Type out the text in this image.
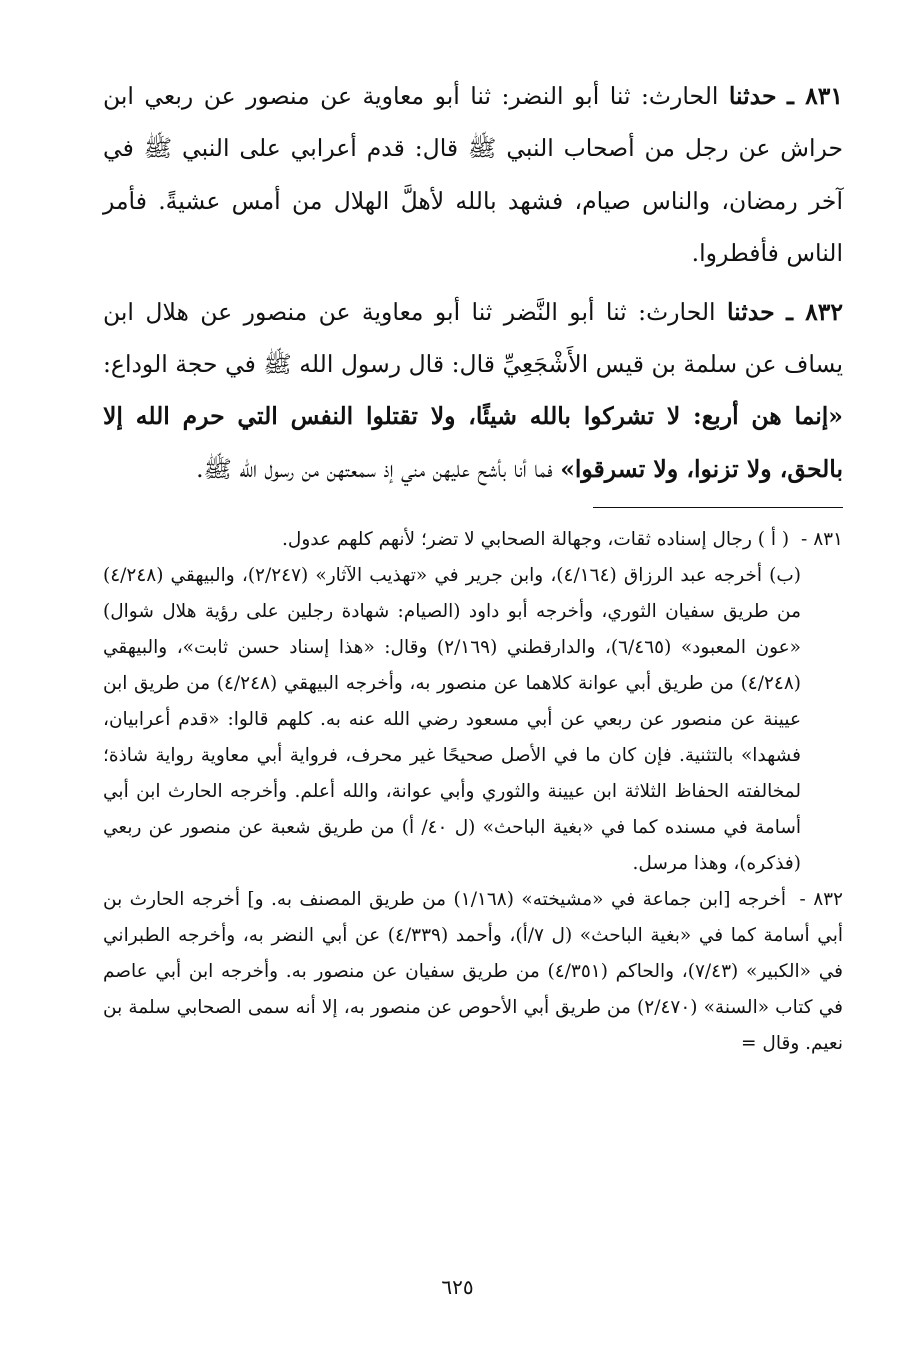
٨٣١ ـ حدثنا الحارث: ثنا أبو النضر: ثنا أبو معاوية عن منصور عن ربعي ابن حراش عن رجل من أصحاب النبي ﷺ قال: قدم أعرابي على النبي ﷺ في آخر رمضان، والناس صيام، فشهد بالله لأهلَّ الهلال من أمس عشيةً. فأمر الناس فأفطروا.

٨٣٢ ـ حدثنا الحارث: ثنا أبو النَّضر ثنا أبو معاوية عن منصور عن هلال ابن يساف عن سلمة بن قيس الأَشْجَعِيِّ قال: قال رسول الله ﷺ في حجة الوداع: «إنما هن أربع: لا تشركوا بالله شيئًا، ولا تقتلوا النفس التي حرم الله إلا بالحق، ولا تزنوا، ولا تسرقوا» فما أنا بأشح عليهن مني إذ سمعتهن من رسول الله ﷺ.

٨٣١ - ( أ ) رجال إسناده ثقات، وجهالة الصحابي لا تضر؛ لأنهم كلهم عدول.
(ب) أخرجه عبد الرزاق (٤/١٦٤)، وابن جرير في «تهذيب الآثار» (٢/٢٤٧)، والبيهقي (٤/٢٤٨) من طريق سفيان الثوري، وأخرجه أبو داود (الصيام: شهادة رجلين على رؤية هلال شوال) «عون المعبود» (٦/٤٦٥)، والدارقطني (٢/١٦٩) وقال: «هذا إسناد حسن ثابت»، والبيهقي (٤/٢٤٨) من طريق أبي عوانة كلاهما عن منصور به، وأخرجه البيهقي (٤/٢٤٨) من طريق ابن عيينة عن منصور عن ربعي عن أبي مسعود رضي الله عنه به. كلهم قالوا: «قدم أعرابيان، فشهدا» بالتثنية. فإن كان ما في الأصل صحيحًا غير محرف، فرواية أبي معاوية رواية شاذة؛ لمخالفته الحفاظ الثلاثة ابن عيينة والثوري وأبي عوانة، والله أعلم. وأخرجه الحارث ابن أبي أسامة في مسنده كما في «بغية الباحث» (ل ٤٠/ أ) من طريق شعبة عن منصور عن ربعي (فذكره)، وهذا مرسل.
٨٣٢ - أخرجه [ابن جماعة في «مشيخته» (١/١٦٨) من طريق المصنف به. و] أخرجه الحارث بن أبي أسامة كما في «بغية الباحث» (ل ٧/أ)، وأحمد (٤/٣٣٩) عن أبي النضر به، وأخرجه الطبراني في «الكبير» (٧/٤٣)، والحاكم (٤/٣٥١) من طريق سفيان عن منصور به. وأخرجه ابن أبي عاصم في كتاب «السنة» (٢/٤٧٠) من طريق أبي الأحوص عن منصور به، إلا أنه سمى الصحابي سلمة بن نعيم. وقال =
٦٢٥
